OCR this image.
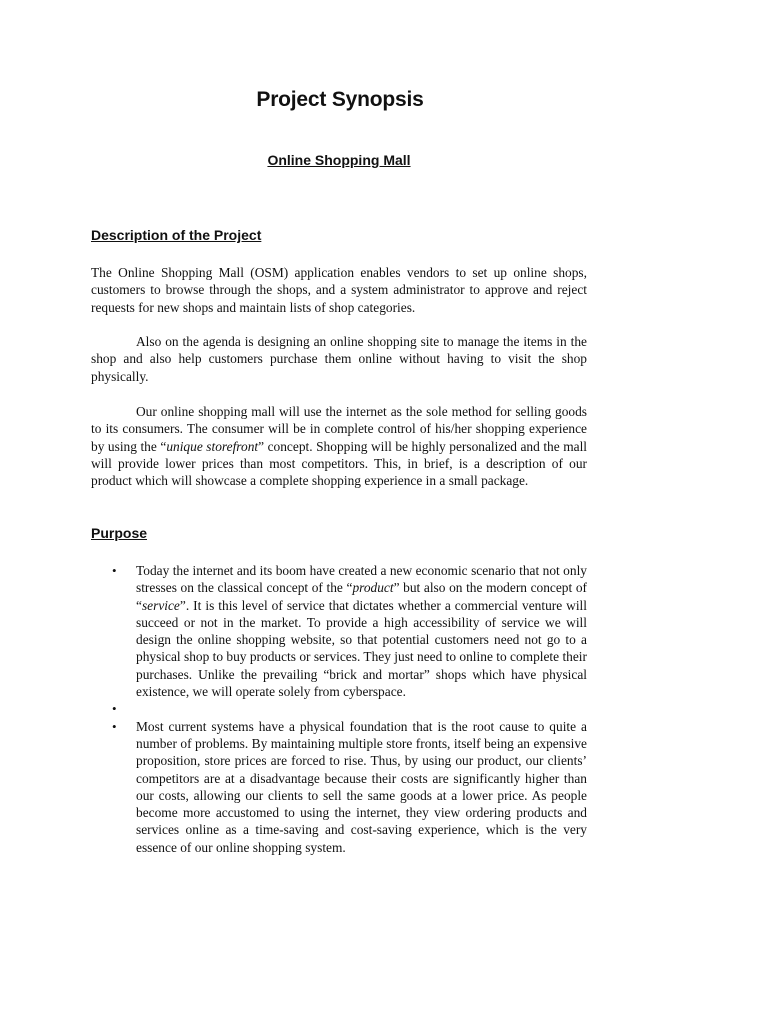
Project Synopsis
Online Shopping Mall
Description of the Project

The Online Shopping Mall (OSM) application enables vendors to set up online shops, customers to browse through the shops, and a system administrator to approve and reject requests for new shops and maintain lists of shop categories.

Also on the agenda is designing an online shopping site to manage the items in the shop and also help customers purchase them online without having to visit the shop physically.

Our online shopping mall will use the internet as the sole method for selling goods to its consumers. The consumer will be in complete control of his/her shopping experience by using the “unique storefront” concept. Shopping will be highly personalized and the mall will provide lower prices than most competitors. This, in brief, is a description of our product which will showcase a complete shopping experience in a small package.

Purpose
• Today the internet and its boom have created a new economic scenario that not only stresses on the classical concept of the “product” but also on the modern concept of “service”. It is this level of service that dictates whether a commercial venture will succeed or not in the market. To provide a high accessibility of service we will design the online shopping website, so that potential customers need not go to a physical shop to buy products or services. They just need to online to complete their purchases. Unlike the prevailing “brick and mortar” shops which have physical existence, we will operate solely from cyberspace.
•
• Most current systems have a physical foundation that is the root cause to quite a number of problems. By maintaining multiple store fronts, itself being an expensive proposition, store prices are forced to rise. Thus, by using our product, our clients’ competitors are at a disadvantage because their costs are significantly higher than our costs, allowing our clients to sell the same goods at a lower price. As people become more accustomed to using the internet, they view ordering products and services online as a time-saving and cost-saving experience, which is the very essence of our online shopping system.
